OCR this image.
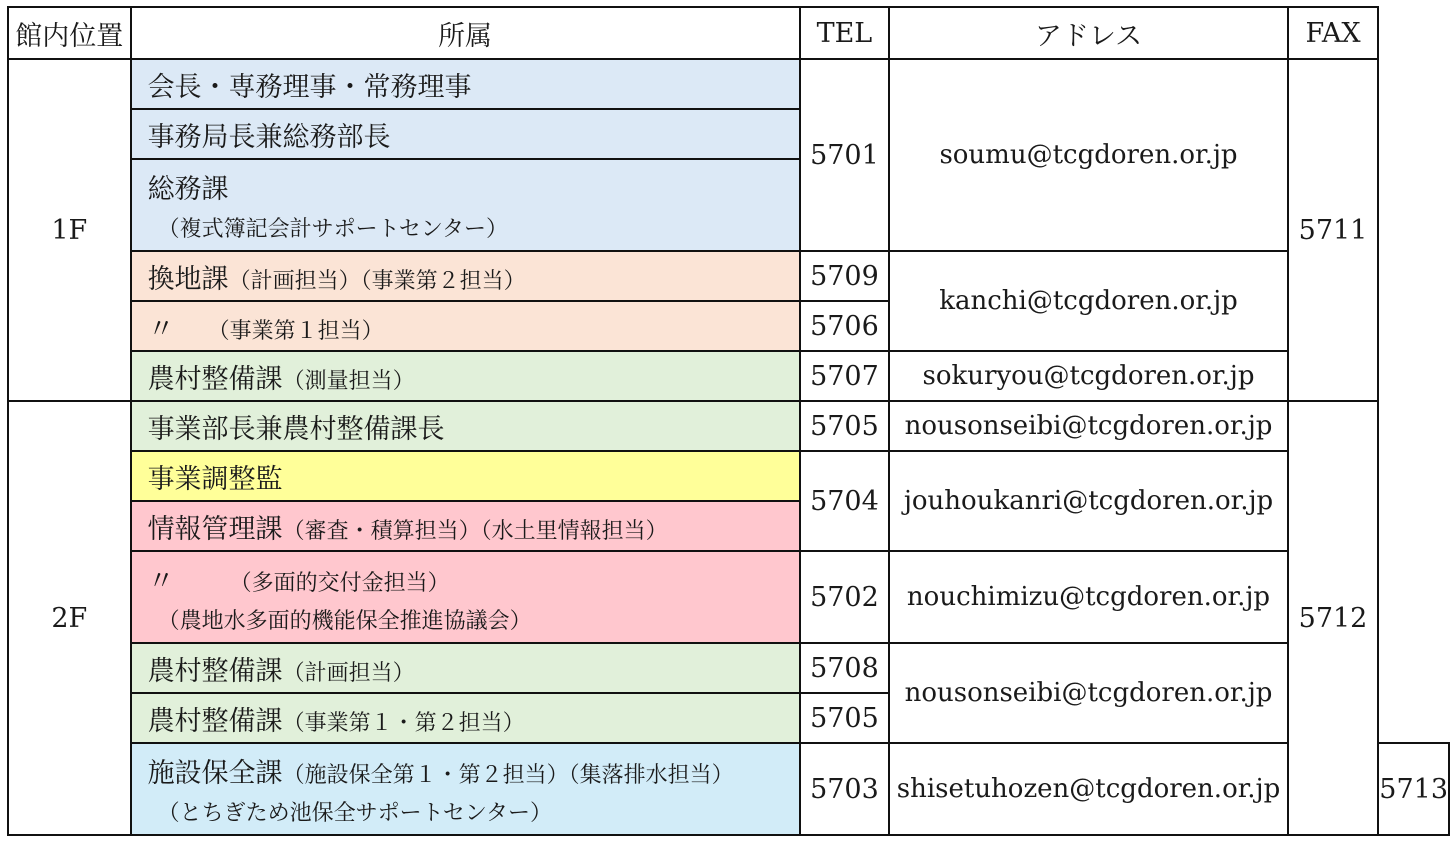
館内位置	所属	TEL	アドレス	FAX	
1F	会長・専務理事・常務理事	5701	soumu@tcgdoren.or.jp	5711	
	事務局長兼総務部長				
	総務課
（複式簿記会計サポートセンター）				

	換地課（計画担当）（事業第２担当）	5709	kanchi@tcgdoren.or.jp		
	〃　　（事業第１担当）	5706			
	農村整備課（測量担当）	5707	sokuryou@tcgdoren.or.jp		
2F	事業部長兼農村整備課長	5705	nousonseibi@tcgdoren.or.jp	5712	
	事業調整監	5704	jouhoukanri@tcgdoren.or.jp		
	情報管理課（審査・積算担当）（水土里情報担当）				
	〃　　　（多面的交付金担当）
（農地水多面的機能保全推進協議会）	5702	nouchimizu@tcgdoren.or.jp		
	農村整備課（計画担当）	5708	nousonseibi@tcgdoren.or.jp		
	農村整備課（事業第１・第２担当）	5705			
	施設保全課（施設保全第１・第２担当）（集落排水担当）
（とちぎため池保全サポートセンター）	5703	shisetuhozen@tcgdoren.or.jp		5713
